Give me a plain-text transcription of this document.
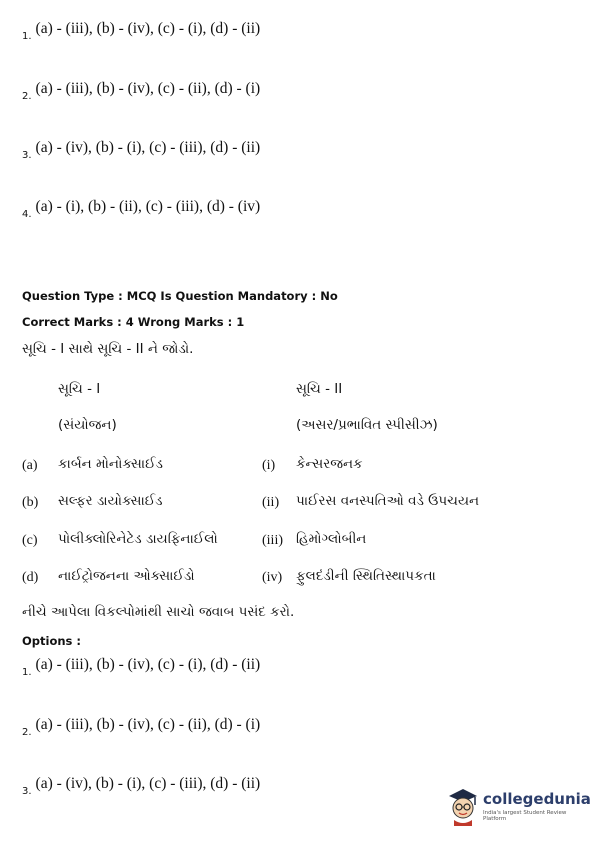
$_{1.}$ (a) - (iii), (b) - (iv), (c) - (i), (d) - (ii)
$_{2.}$ (a) - (iii), (b) - (iv), (c) - (ii), (d) - (i)
$_{3.}$ (a) - (iv), (b) - (i), (c) - (iii), (d) - (ii)
$_{4.}$ (a) - (i), (b) - (ii), (c) - (iii), (d) - (iv)
Question Type : MCQ Is Question Mandatory : No
Correct Marks : 4 Wrong Marks : 1
સૂચિ - I સાથે સૂચિ - II ને જોડો.
સૂચિ - I	સૂચિ - II
(સંયોજન)	(અસર/પ્રભાવિત સ્પીસીઝ)
(a) કાર્બન મોનોક્સાઈડ	(i) કેન્સરજનક
(b) સલ્ફર ડાયોક્સાઈડ	(ii) પાઈરસ વનસ્પતિઓ વડે ઉપચયન
(c) પોલીક્લોરિનેટેડ ડાયફિનાઈલો	(iii) હિમોગ્લોબીન
(d) નાઈટ્રોજનના ઓક્સાઈડો	(iv) ફુલદંડીની સ્થિતિસ્થાપકતા
નીચે આપેલા વિકલ્પોમાંથી સાચો જવાબ પસંદ કરો.
Options :
$_{1.}$ (a) - (iii), (b) - (iv), (c) - (i), (d) - (ii)
$_{2.}$ (a) - (iii), (b) - (iv), (c) - (ii), (d) - (i)
$_{3.}$ (a) - (iv), (b) - (i), (c) - (iii), (d) - (ii)
collegedunia
India's largest Student Review Platform
